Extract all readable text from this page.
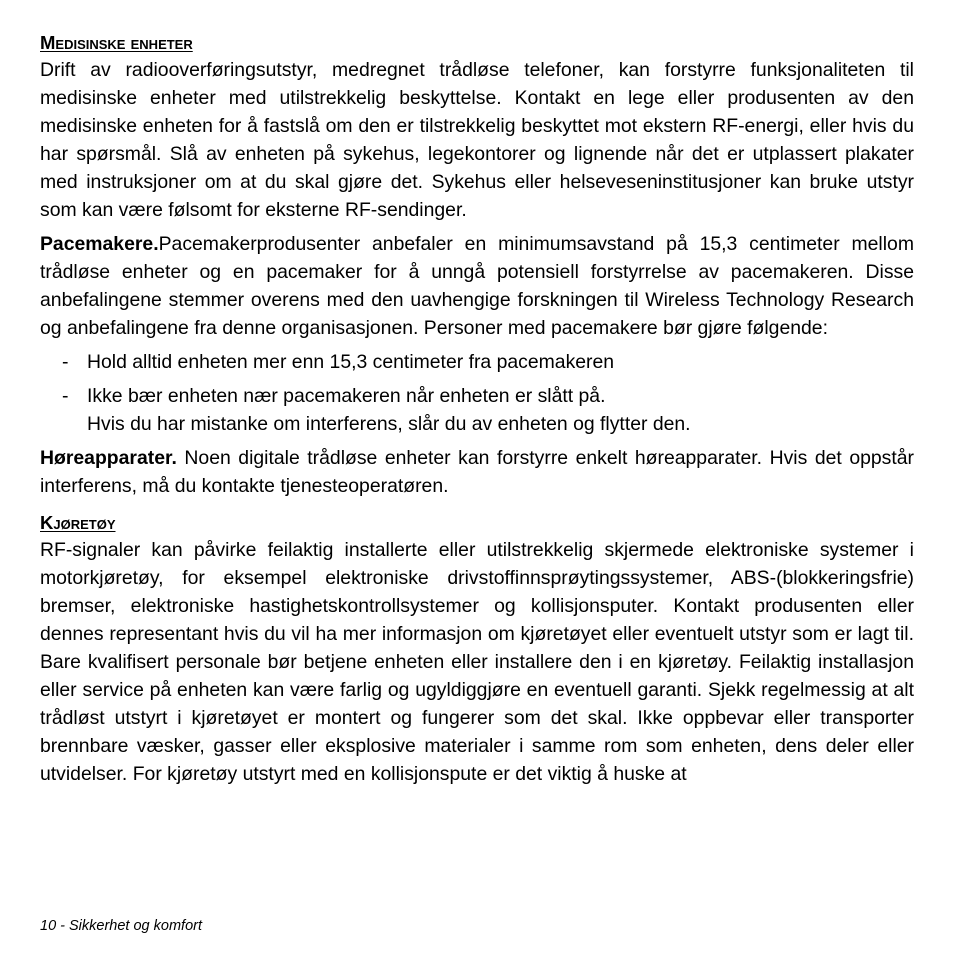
Medisinske enheter

Drift av radiooverføringsutstyr, medregnet trådløse telefoner, kan forstyrre funksjonaliteten til medisinske enheter med utilstrekkelig beskyttelse. Kontakt en lege eller produsenten av den medisinske enheten for å fastslå om den er tilstrekkelig beskyttet mot ekstern RF-energi, eller hvis du har spørsmål. Slå av enheten på sykehus, legekontorer og lignende når det er utplassert plakater med instruksjoner om at du skal gjøre det. Sykehus eller helseveseninstitusjoner kan bruke utstyr som kan være følsomt for eksterne RF-sendinger.

Pacemakere.Pacemakerprodusenter anbefaler en minimumsavstand på 15,3 centimeter mellom trådløse enheter og en pacemaker for å unngå potensiell forstyrrelse av pacemakeren. Disse anbefalingene stemmer overens med den uavhengige forskningen til Wireless Technology Research og anbefalingene fra denne organisasjonen. Personer med pacemakere bør gjøre følgende:

- Hold alltid enheten mer enn 15,3 centimeter fra pacemakeren
- Ikke bær enheten nær pacemakeren når enheten er slått på.
Hvis du har mistanke om interferens, slår du av enheten og flytter den.

Høreapparater. Noen digitale trådløse enheter kan forstyrre enkelt høreapparater. Hvis det oppstår interferens, må du kontakte tjenesteoperatøren.

Kjøretøy

RF-signaler kan påvirke feilaktig installerte eller utilstrekkelig skjermede elektroniske systemer i motorkjøretøy, for eksempel elektroniske drivstoffinnsprøytingssystemer, ABS-(blokkeringsfrie) bremser, elektroniske hastighetskontrollsystemer og kollisjonsputer. Kontakt produsenten eller dennes representant hvis du vil ha mer informasjon om kjøretøyet eller eventuelt utstyr som er lagt til. Bare kvalifisert personale bør betjene enheten eller installere den i en kjøretøy. Feilaktig installasjon eller service på enheten kan være farlig og ugyldiggjøre en eventuell garanti. Sjekk regelmessig at alt trådløst utstyrt i kjøretøyet er montert og fungerer som det skal. Ikke oppbevar eller transporter brennbare væsker, gasser eller eksplosive materialer i samme rom som enheten, dens deler eller utvidelser. For kjøretøy utstyrt med en kollisjonspute er det viktig å huske at

10 - Sikkerhet og komfort
